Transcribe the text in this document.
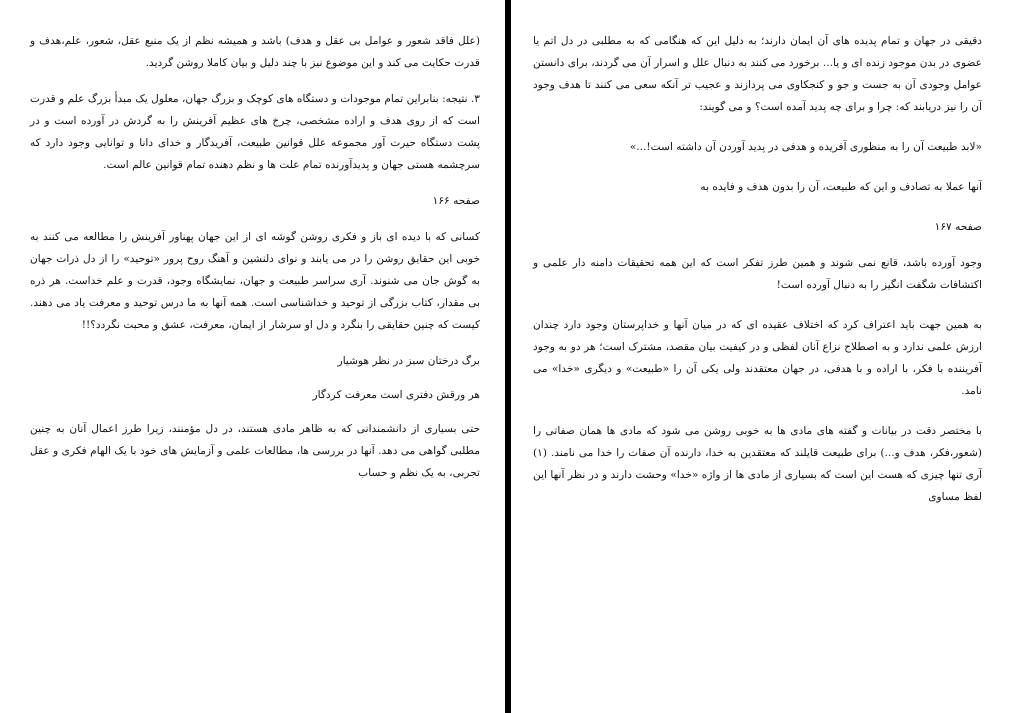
(علل فاقد شعور و عوامل بی عقل و هدف) باشد و همیشه نظم از یک منبع عقل، شعور، علم،هدف و قدرت حکایت می کند و این موضوع نیز با چند دلیل و بیان کاملا روشن گردید.

۳. نتیجه: بنابراین تمام موجودات و دستگاه های کوچک و بزرگ جهان، معلول یک مبدأ بزرگ علم و قدرت است که از روی هدف و اراده مشخصی، چرخ های عظیم آفرینش را به گردش در آورده است و در پشت دستگاه حیرت آور مجموعه علل قوانین طبیعت، آفریدگار و خدای دانا و توانایی وجود دارد که سرچشمه هستی جهان و پدیدآورنده تمام علت ها و نظم دهنده تمام قوانین عالم است.

صفحه ۱۶۶

کسانی که با دیده ای باز و فکری روشن گوشه ای از این جهان پهناور آفرینش را مطالعه می کنند به خوبی این حقایق روشن را در می یابند و نوای دلنشین و آهنگ روح پرور «توحید» را از دل ذرات جهان به گوش جان می شنوند. آری سراسر طبیعت و جهان، نمایشگاه وجود، قدرت و علم خداست. هر ذره بی مقدار، کتاب بزرگی از توحید و خداشناسی است. همه آنها به ما درس توحید و معرفت یاد می دهند. کیست که چنین حقایقی را بنگرد و دل او سرشار از ایمان، معرفت، عشق و محبت نگردد؟!!

برگ درختان سبز در نظر هوشیار

هر ورقش دفتری است معرفت کردگار

حتی بسیاری از دانشمندانی که به ظاهر مادی هستند، در دل مؤمنند، زیرا طرز اعمال آنان به چنین مطلبی گواهی می دهد. آنها در بررسی ها، مطالعات علمی و آزمایش های خود با یک الهام فکری و عقل تجربی، به یک نظم و حساب

دقیقی در جهان و تمام پدیده های آن ایمان دارند؛ به دلیل این که هنگامی که به مطلبی در دل اتم یا عضوی در بدن موجود زنده ای و یا... برخورد می کنند به دنبال علل و اسرار آن می گردند، برای دانستن عوامل وجودی آن به جست و جو و کنجکاوی می پردازند و عجیب تر آنکه سعی می کنند تا هدف وجود آن را نیز دریابند که: چرا و برای چه پدید آمده است؟ و می گویند:

«لابد طبیعت آن را به منظوری آفریده و هدفی در پدید آوردن آن داشته است!...»

آنها عملا به تصادف و این که طبیعت، آن را بدون هدف و فایده به

صفحه ۱۶۷

وجود آورده باشد، قانع نمی شوند و همین طرز تفکر است که این همه تحقیقات دامنه دار علمی و اکتشافات شگفت انگیز را به دنبال آورده است!

به همین جهت باید اعتراف کرد که اختلاف عقیده ای که در میان آنها و خداپرستان وجود دارد چندان ارزش علمی ندارد و به اصطلاح نزاع آنان لفظی و در کیفیت بیان مقصد، مشترک است؛ هر دو به وجود آفریننده با فکر، با اراده و با هدفی، در جهان معتقدند ولی یکی آن را «طبیعت» و دیگری «خدا» می نامد.

با مختصر دقت در بیانات و گفته های مادی ها به خوبی روشن می شود که مادی ها همان صفاتی را (شعور،فکر، هدف و...) برای طبیعت قایلند که معتقدین به خدا، دارنده آن صفات را خدا می نامند. (۱) آری تنها چیزی که هست این است که بسیاری از مادی ها از واژه «خدا» وحشت دارند و در نظر آنها این لفظ مساوی
